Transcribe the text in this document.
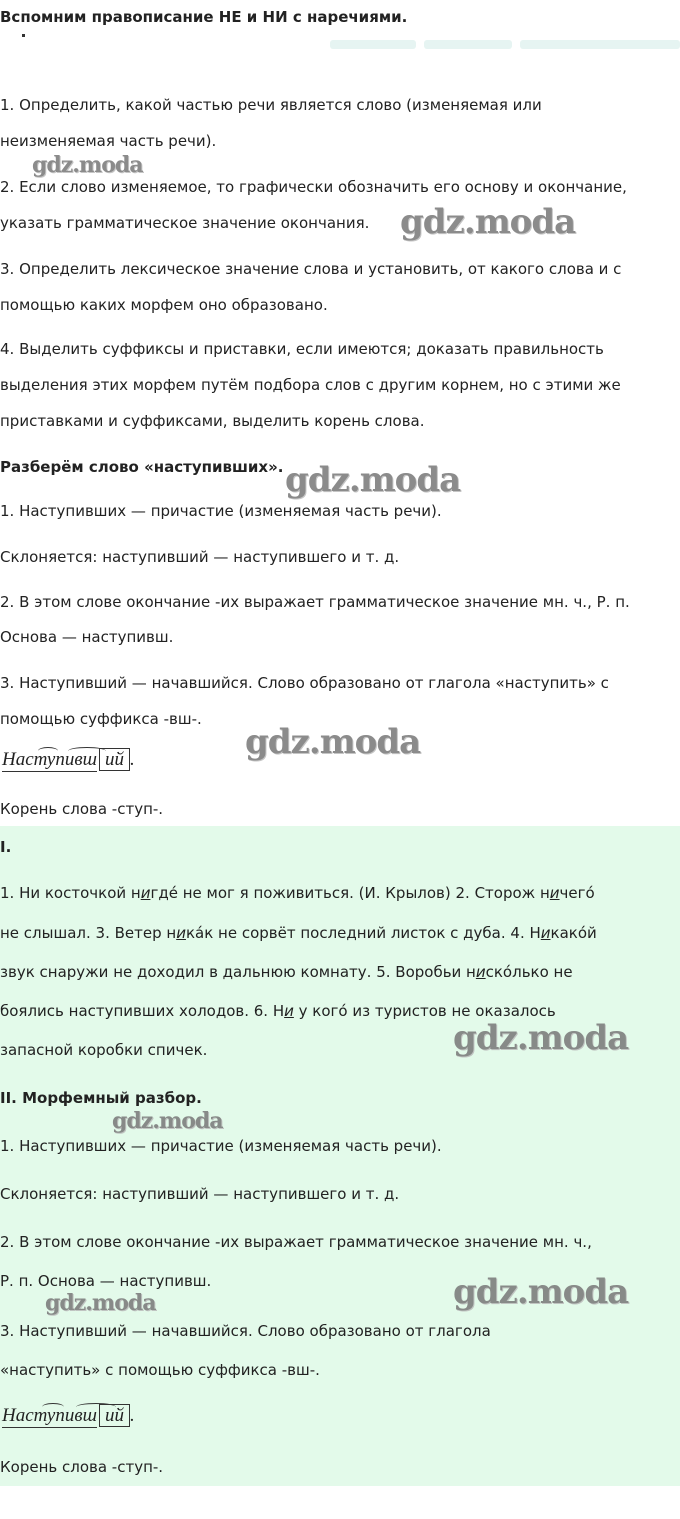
Вспомним правописание НЕ и НИ с наречиями.
1. Определить, какой частью речи является слово (изменяемая или
неизменяемая часть речи).
2. Если слово изменяемое, то графически обозначить его основу и окончание,
указать грамматическое значение окончания.
3. Определить лексическое значение слова и установить, от какого слова и с
помощью каких морфем оно образовано.
4. Выделить суффиксы и приставки, если имеются; доказать правильность
выделения этих морфем путём подбора слов с другим корнем, но с этими же
приставками и суффиксами, выделить корень слова.
Разберём слово «наступивших».
1. Наступивших — причастие (изменяемая часть речи).
Склоняется: наступивший — наступившего и т. д.
2. В этом слове окончание -их выражает грамматическое значение мн. ч., Р. п.
Основа — наступивш.
3. Наступивший — начавшийся. Слово образовано от глагола «наступить» с
помощью суффикса -вш-.
Наступивш ий .
Корень слова -ступ-.
I.
1. Ни косточкой нигде́ не мог я поживиться. (И. Крылов) 2. Сторож ничего́
не слышал. 3. Ветер ника́к не сорвёт последний листок с дуба. 4. Никако́й
звук снаружи не доходил в дальнюю комнату. 5. Воробьи ниско́лько не
боялись наступивших холодов. 6. Ни у кого́ из туристов не оказалось
запасной коробки спичек.
II. Морфемный разбор.
1. Наступивших — причастие (изменяемая часть речи).
Склоняется: наступивший — наступившего и т. д.
2. В этом слове окончание -их выражает грамматическое значение мн. ч.,
Р. п. Основа — наступивш.
3. Наступивший — начавшийся. Слово образовано от глагола
«наступить» с помощью суффикса -вш-.
Наступивш ий .
Корень слова -ступ-.
gdz.moda
gdz.moda
gdz.moda
gdz.moda
gdz.moda
gdz.moda
gdz.moda
gdz.moda
